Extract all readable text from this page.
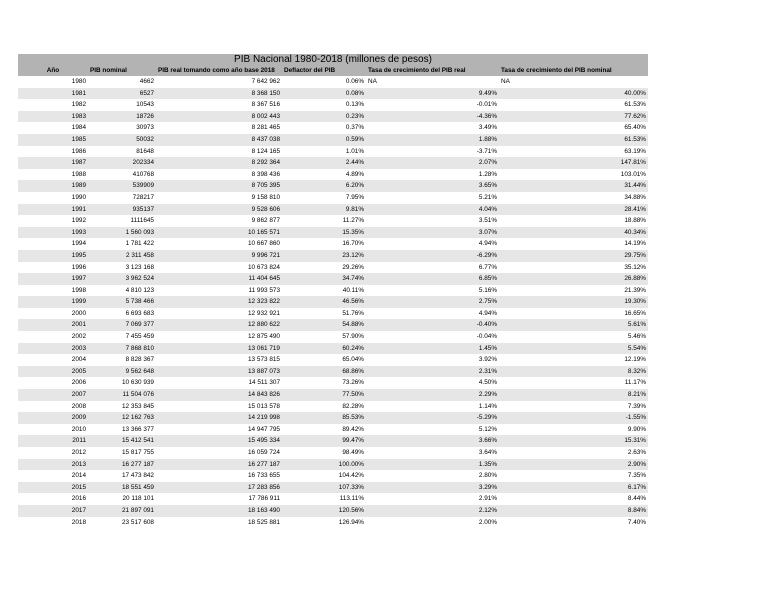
PIB Nacional 1980-2018 (millones de pesos)
Año	PIB nominal	PIB real tomando como año base 2018	Deflactor del PIB	Tasa de crecimiento del PIB real	Tasa de crecimiento del PIB nominal
1980	4662	7 642 962	0.06%	NA	NA
1981	6527	8 368 150	0.08%	9.49%	40.00%
1982	10543	8 367 516	0.13%	-0.01%	61.53%
1983	18726	8 002 443	0.23%	-4.36%	77.62%
1984	30973	8 281 465	0.37%	3.49%	65.40%
1985	50032	8 437 038	0.59%	1.88%	61.53%
1986	81648	8 124 165	1.01%	-3.71%	63.19%
1987	202334	8 292 364	2.44%	2.07%	147.81%
1988	410768	8 398 436	4.89%	1.28%	103.01%
1989	539909	8 705 395	6.20%	3.65%	31.44%
1990	728217	9 158 810	7.95%	5.21%	34.88%
1991	935137	9 528 606	9.81%	4.04%	28.41%
1992	1111645	9 862 877	11.27%	3.51%	18.88%
1993	1 560 093	10 165 571	15.35%	3.07%	40.34%
1994	1 781 422	10 667 860	16.70%	4.94%	14.19%
1995	2 311 458	9 996 721	23.12%	-6.29%	29.75%
1996	3 123 168	10 673 824	29.26%	6.77%	35.12%
1997	3 962 524	11 404 645	34.74%	6.85%	26.88%
1998	4 810 123	11 993 573	40.11%	5.16%	21.39%
1999	5 738 466	12 323 822	46.56%	2.75%	19.30%
2000	6 693 683	12 932 921	51.76%	4.94%	16.65%
2001	7 069 377	12 880 622	54.88%	-0.40%	5.61%
2002	7 455 459	12 875 490	57.90%	-0.04%	5.46%
2003	7 868 810	13 061 719	60.24%	1.45%	5.54%
2004	8 828 367	13 573 815	65.04%	3.92%	12.19%
2005	9 562 648	13 887 073	68.86%	2.31%	8.32%
2006	10 630 939	14 511 307	73.26%	4.50%	11.17%
2007	11 504 076	14 843 826	77.50%	2.29%	8.21%
2008	12 353 845	15 013 578	82.28%	1.14%	7.39%
2009	12 162 763	14 219 998	85.53%	-5.29%	-1.55%
2010	13 366 377	14 947 795	89.42%	5.12%	9.90%
2011	15 412 541	15 495 334	99.47%	3.66%	15.31%
2012	15 817 755	16 059 724	98.49%	3.64%	2.63%
2013	16 277 187	16 277 187	100.00%	1.35%	2.90%
2014	17 473 842	16 733 655	104.42%	2.80%	7.35%
2015	18 551 459	17 283 856	107.33%	3.29%	6.17%
2016	20 118 101	17 786 911	113.11%	2.91%	8.44%
2017	21 897 091	18 163 490	120.56%	2.12%	8.84%
2018	23 517 608	18 525 881	126.94%	2.00%	7.40%
